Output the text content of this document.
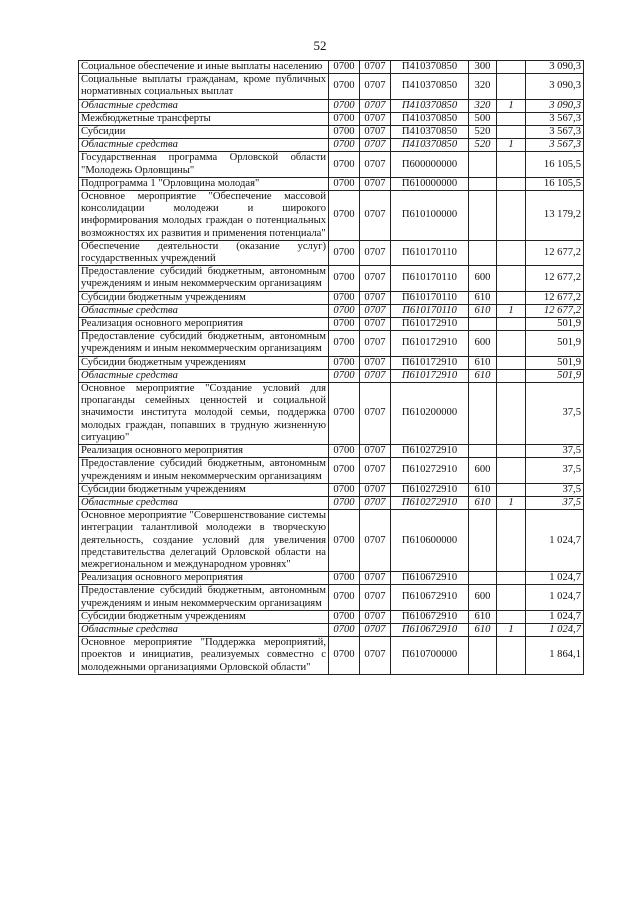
52
Социальное обеспечение и иные выплаты населению	0700	0707	П410370850	300		3 090,3
Социальные выплаты гражданам, кроме публичных нормативных социальных выплат	0700	0707	П410370850	320		3 090,3
Областные средства	0700	0707	П410370850	320	1	3 090,3
Межбюджетные трансферты	0700	0707	П410370850	500		3 567,3
Субсидии	0700	0707	П410370850	520		3 567,3
Областные средства	0700	0707	П410370850	520	1	3 567,3
Государственная программа Орловской области "Молодежь Орловщины"	0700	0707	П600000000			16 105,5
Подпрограмма 1 "Орловщина молодая"	0700	0707	П610000000			16 105,5
Основное мероприятие "Обеспечение массовой консолидации молодежи и широкого информирования молодых граждан о потенциальных возможностях их развития и применения потенциала"	0700	0707	П610100000			13 179,2
Обеспечение деятельности (оказание услуг) государственных учреждений	0700	0707	П610170110			12 677,2
Предоставление субсидий бюджетным, автономным учреждениям и иным некоммерческим организациям	0700	0707	П610170110	600		12 677,2
Субсидии бюджетным учреждениям	0700	0707	П610170110	610		12 677,2
Областные средства	0700	0707	П610170110	610	1	12 677,2
Реализация основного мероприятия	0700	0707	П610172910			501,9
Предоставление субсидий бюджетным, автономным учреждениям и иным некоммерческим организациям	0700	0707	П610172910	600		501,9
Субсидии бюджетным учреждениям	0700	0707	П610172910	610		501,9
Областные средства	0700	0707	П610172910	610		501,9
Основное мероприятие "Создание условий для пропаганды семейных ценностей и социальной значимости института молодой семьи, поддержка молодых граждан, попавших в трудную жизненную ситуацию"	0700	0707	П610200000			37,5
Реализация основного мероприятия	0700	0707	П610272910			37,5
Предоставление субсидий бюджетным, автономным учреждениям и иным некоммерческим организациям	0700	0707	П610272910	600		37,5
Субсидии бюджетным учреждениям	0700	0707	П610272910	610		37,5
Областные средства	0700	0707	П610272910	610	1	37,5
Основное мероприятие "Совершенствование системы интеграции талантливой молодежи в творческую деятельность, создание условий для увеличения представительства делегаций Орловской области на межрегиональном и международном уровнях"	0700	0707	П610600000			1 024,7
Реализация основного мероприятия	0700	0707	П610672910			1 024,7
Предоставление субсидий бюджетным, автономным учреждениям и иным некоммерческим организациям	0700	0707	П610672910	600		1 024,7
Субсидии бюджетным учреждениям	0700	0707	П610672910	610		1 024,7
Областные средства	0700	0707	П610672910	610	1	1 024,7
Основное мероприятие "Поддержка мероприятий, проектов и инициатив, реализуемых совместно с молодежными организациями Орловской области"	0700	0707	П610700000			1 864,1
